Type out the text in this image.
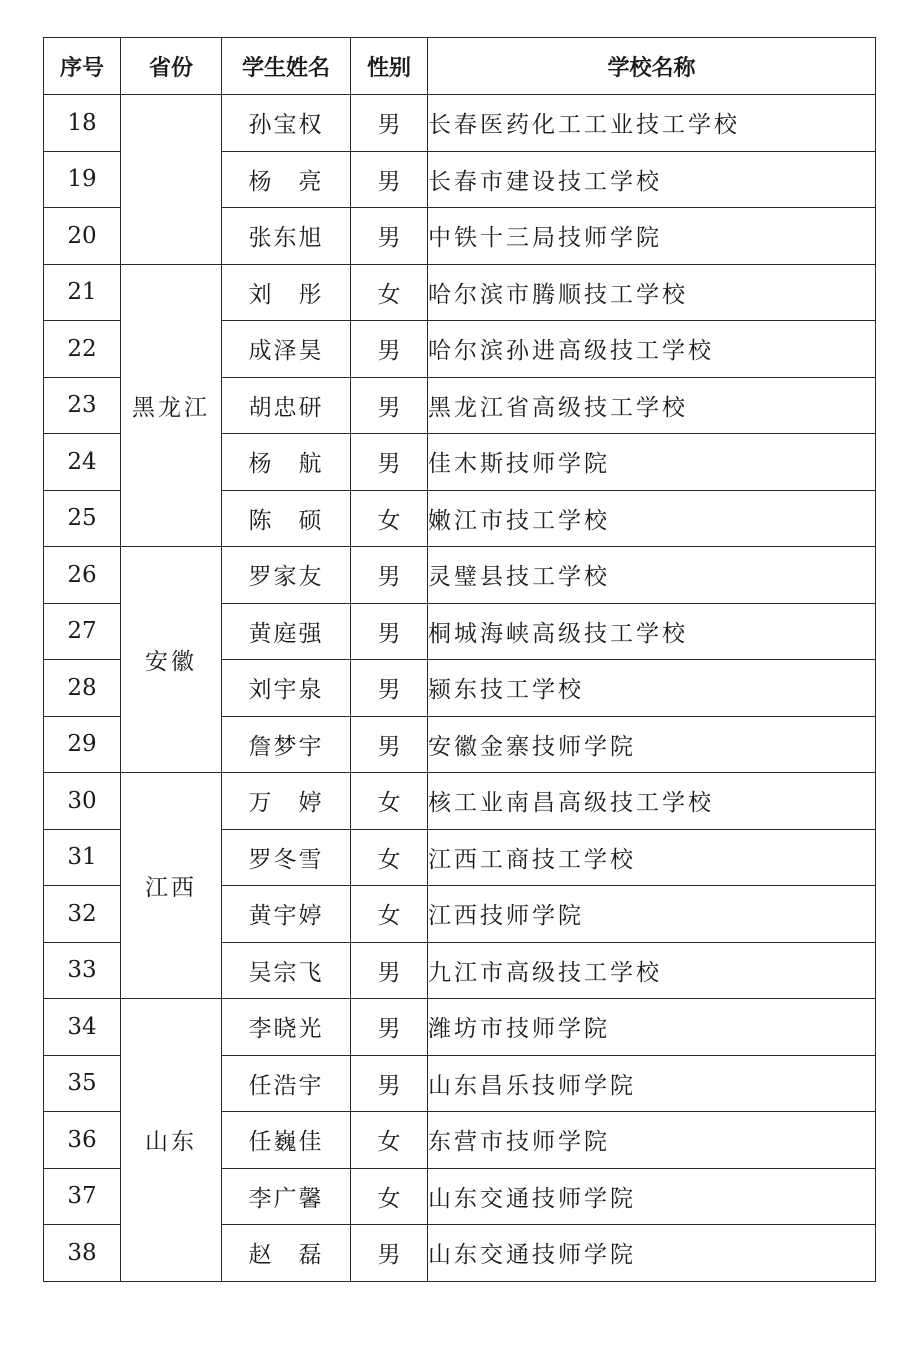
序号	省份	学生姓名	性别	学校名称
18		孙宝权	男	长春医药化工工业技工学校
19		杨　亮	男	长春市建设技工学校
20		张东旭	男	中铁十三局技师学院
21	黑龙江	刘　彤	女	哈尔滨市腾顺技工学校
22		成泽昊	男	哈尔滨孙进高级技工学校
23		胡忠研	男	黑龙江省高级技工学校
24		杨　航	男	佳木斯技师学院
25		陈　硕	女	嫩江市技工学校
26	安徽	罗家友	男	灵璧县技工学校
27		黄庭强	男	桐城海峡高级技工学校
28		刘宇泉	男	颍东技工学校
29		詹梦宇	男	安徽金寨技师学院
30	江西	万　婷	女	核工业南昌高级技工学校
31		罗冬雪	女	江西工商技工学校
32		黄宇婷	女	江西技师学院
33		吴宗飞	男	九江市高级技工学校
34	山东	李晓光	男	潍坊市技师学院
35		任浩宇	男	山东昌乐技师学院
36		任巍佳	女	东营市技师学院
37		李广馨	女	山东交通技师学院
38		赵　磊	男	山东交通技师学院
